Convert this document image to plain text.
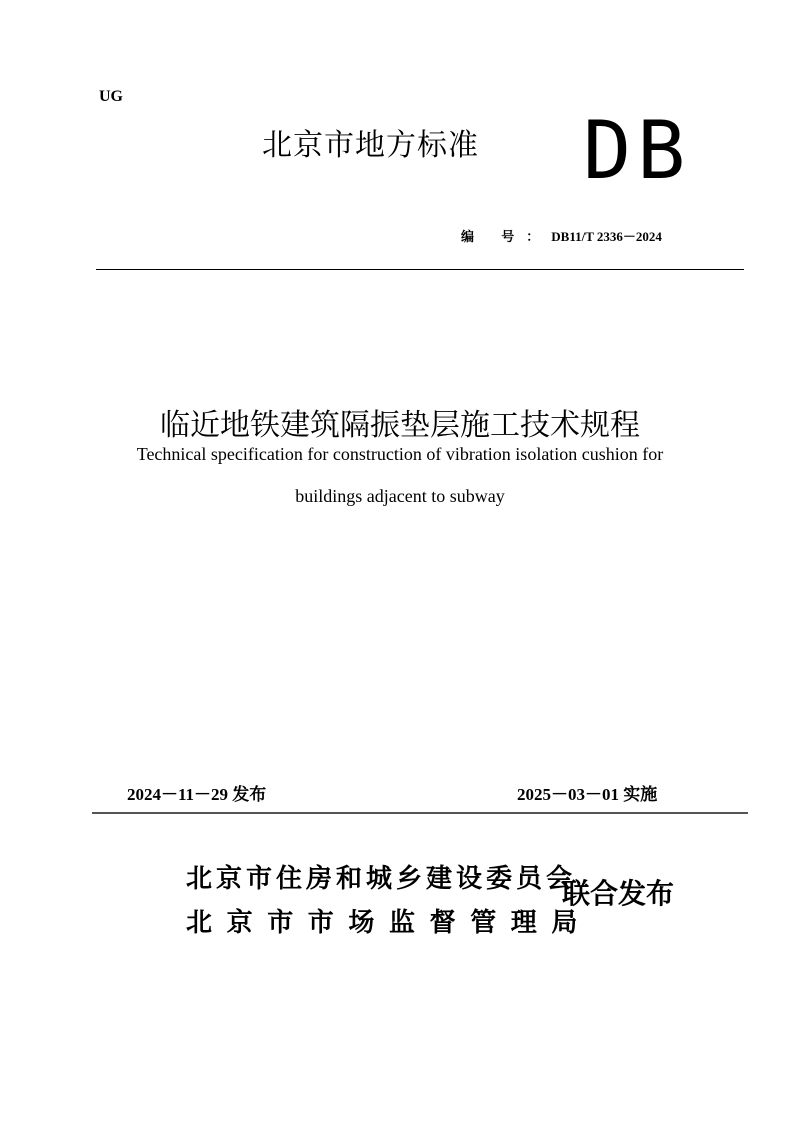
UG
北京市地方标准 DB
编 号：DB11/T 2336－2024
临近地铁建筑隔振垫层施工技术规程
Technical specification for construction of vibration isolation cushion for
buildings adjacent to subway
2024－11－29 发布	2025－03－01 实施
北京市住房和城乡建设委员会
北京市市场监督管理局
联合发布
